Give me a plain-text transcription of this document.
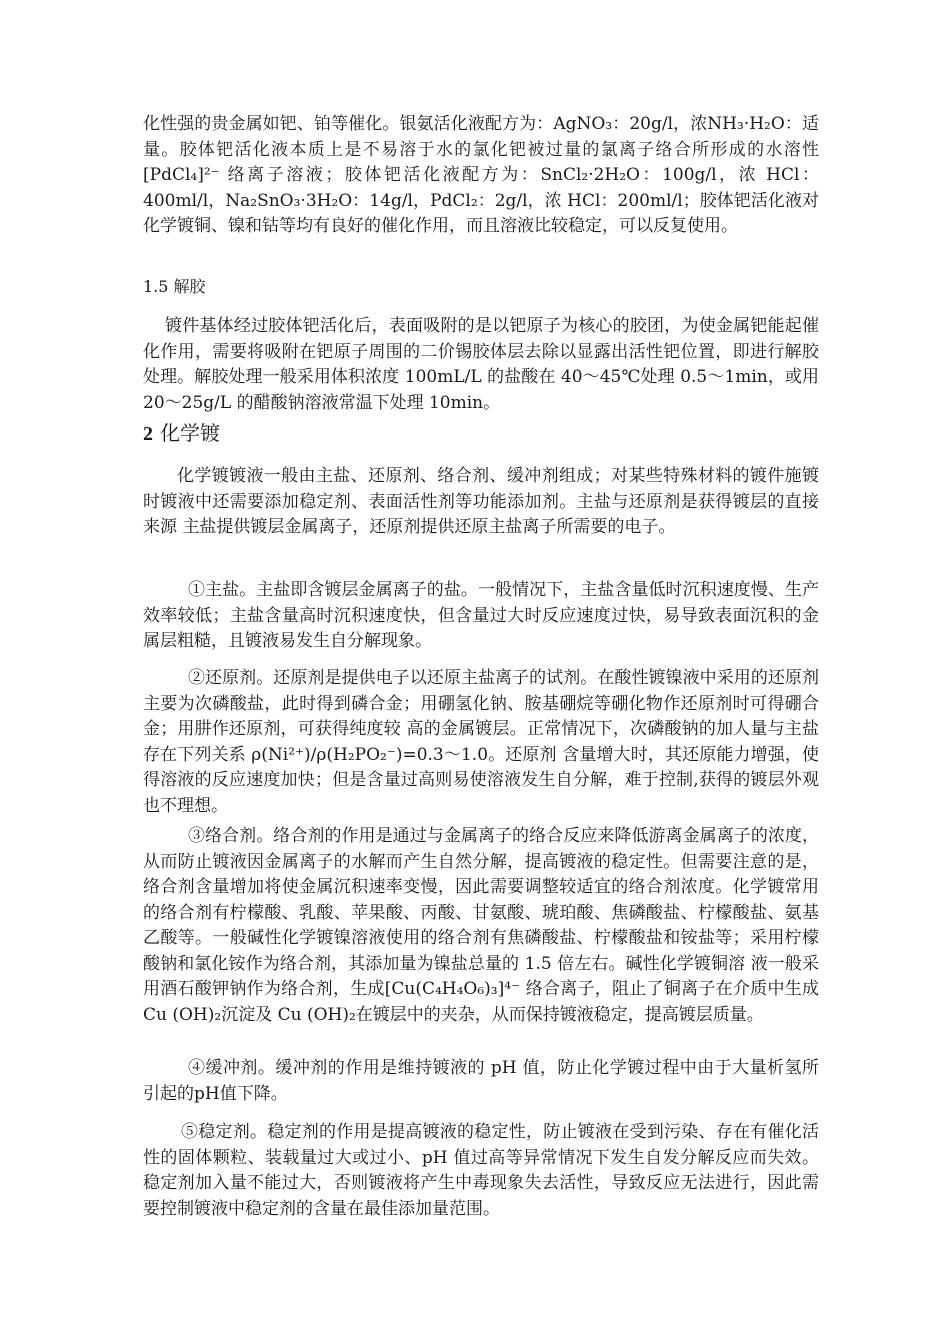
化性强的贵金属如钯、铂等催化。银氨活化液配方为：AgNO₃：20g/l，浓NH₃·H₂O：适量。胶体钯活化液本质上是不易溶于水的氯化钯被过量的氯离子络合所形成的水溶性 [PdCl₄]²⁻ 络离子溶液；胶体钯活化液配方为：SnCl₂·2H₂O：100g/l，浓 HCl：400ml/l，Na₂SnO₃·3H₂O：14g/l，PdCl₂：2g/l，浓 HCl：200ml/l；胶体钯活化液对化学镀铜、镍和钴等均有良好的催化作用，而且溶液比较稳定，可以反复使用。

1.5 解胶

镀件基体经过胶体钯活化后，表面吸附的是以钯原子为核心的胶团，为使金属钯能起催化作用，需要将吸附在钯原子周围的二价锡胶体层去除以显露出活性钯位置，即进行解胶处理。解胶处理一般采用体积浓度 100mL/L 的盐酸在 40～45℃处理 0.5～1min，或用 20～25g/L 的醋酸钠溶液常温下处理 10min。

2 化学镀

化学镀镀液一般由主盐、还原剂、络合剂、缓冲剂组成；对某些特殊材料的镀件施镀时镀液中还需要添加稳定剂、表面活性剂等功能添加剂。主盐与还原剂是获得镀层的直接来源 主盐提供镀层金属离子，还原剂提供还原主盐离子所需要的电子。

①主盐。主盐即含镀层金属离子的盐。一般情况下，主盐含量低时沉积速度慢、生产效率较低；主盐含量高时沉积速度快，但含量过大时反应速度过快，易导致表面沉积的金属层粗糙，且镀液易发生自分解现象。

②还原剂。还原剂是提供电子以还原主盐离子的试剂。在酸性镀镍液中采用的还原剂主要为次磷酸盐，此时得到磷合金；用硼氢化钠、胺基硼烷等硼化物作还原剂时可得硼合金；用肼作还原剂，可获得纯度较 高的金属镀层。正常情况下，次磷酸钠的加人量与主盐存在下列关系 ρ(Ni²⁺)/ρ(H₂PO₂⁻)=0.3～1.0。还原剂 含量增大时，其还原能力增强，使得溶液的反应速度加快；但是含量过高则易使溶液发生自分解，难于控制,获得的镀层外观也不理想。

③络合剂。络合剂的作用是通过与金属离子的络合反应来降低游离金属离子的浓度，从而防止镀液因金属离子的水解而产生自然分解，提高镀液的稳定性。但需要注意的是，络合剂含量增加将使金属沉积速率变慢，因此需要调整较适宜的络合剂浓度。化学镀常用的络合剂有柠檬酸、乳酸、苹果酸、丙酸、甘氨酸、琥珀酸、焦磷酸盐、柠檬酸盐、氨基乙酸等。一般碱性化学镀镍溶液使用的络合剂有焦磷酸盐、柠檬酸盐和铵盐等；采用柠檬酸钠和氯化铵作为络合剂，其添加量为镍盐总量的 1.5 倍左右。碱性化学镀铜溶 液一般采用酒石酸钾钠作为络合剂，生成[Cu(C₄H₄O₆)₃]⁴⁻ 络合离子，阻止了铜离子在介质中生成 Cu (OH)₂沉淀及 Cu (OH)₂在镀层中的夹杂，从而保持镀液稳定，提高镀层质量。

④缓冲剂。缓冲剂的作用是维持镀液的 pH 值，防止化学镀过程中由于大量析氢所引起的pH值下降。

⑤稳定剂。稳定剂的作用是提高镀液的稳定性，防止镀液在受到污染、存在有催化活性的固体颗粒、装载量过大或过小、pH 值过高等异常情况下发生自发分解反应而失效。稳定剂加入量不能过大，否则镀液将产生中毒现象失去活性，导致反应无法进行，因此需要控制镀液中稳定剂的含量在最佳添加量范围。
